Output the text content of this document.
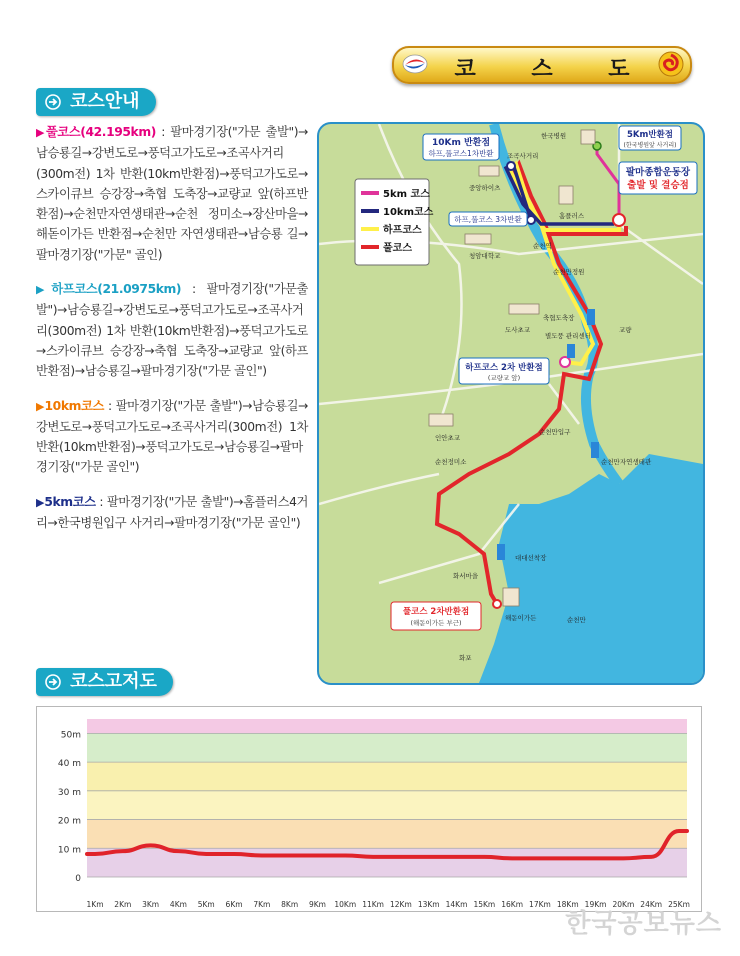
코 스 도
코스안내
▶풀코스(42.195km) : 팔마경기장("가문 출발")→남승룡길→강변도로→풍덕고가도로→조곡사거리(300m전) 1차 반환(10km반환점)→풍덕고가도로→스카이큐브 승강장→축협 도축장→교량교 앞(하프반환점)→순천만자연생태관→순천 정미소→장산마을→해돋이가든 반환점→순천만 자연생태관→남승룡 길→팔마경기장("가문" 골인)
▶하프코스(21.0975km) : 팔마경기장("가문출발")→남승룡길→강변도로→풍덕고가도로→조곡사거리(300m전) 1차 반환(10km반환점)→풍덕고가도로→스카이큐브 승강장→축협 도축장→교량교 앞(하프반환점)→남승룡길→팔마경기장("가문 골인")
▶10km코스 : 팔마경기장("가문 출발")→남승룡길→강변도로→풍덕고가도로→조곡사거리(300m전) 1차 반환(10km반환점)→풍덕고가도로→남승룡길→팔마경기장("가문 골인")
▶5km코스 : 팔마경기장("가문 출발")→홈플러스4거리→한국병원입구 사거리→팔마경기장("가문 골인")
5km 코스
10km코스
하프코스
풀코스
10Km 반환점
하프,풀코스1차반환
5Km반환점
(한국병원앞 사거리)
팔마종합운동장
출발 및 결승점
하프,풀코스 3차반환
하프코스 2차 반환점
(교량교 앞)
풀코스 2차반환점
(해돋이가든 부근)
한국병원
조곡사거리
중앙하이츠
홈플러스
청암대학교
순천역
순천만정원
축협도축장
도사초교	교량
별도풍 관리센터
순천만입구
순천만자연생태관
인안초교
순천정미소
대대선착장
화서마을
해돋이가든	순천만
화포
코스고저도
50m
40 m
30 m
20 m
10 m
0
1Km 2Km 3Km 4Km 5Km 6Km 7Km 8Km 9Km 10Km 11Km 12Km 13Km 14Km 15Km 16Km 17Km 18Km 19Km 20Km 24Km 25Km
한국공보뉴스
